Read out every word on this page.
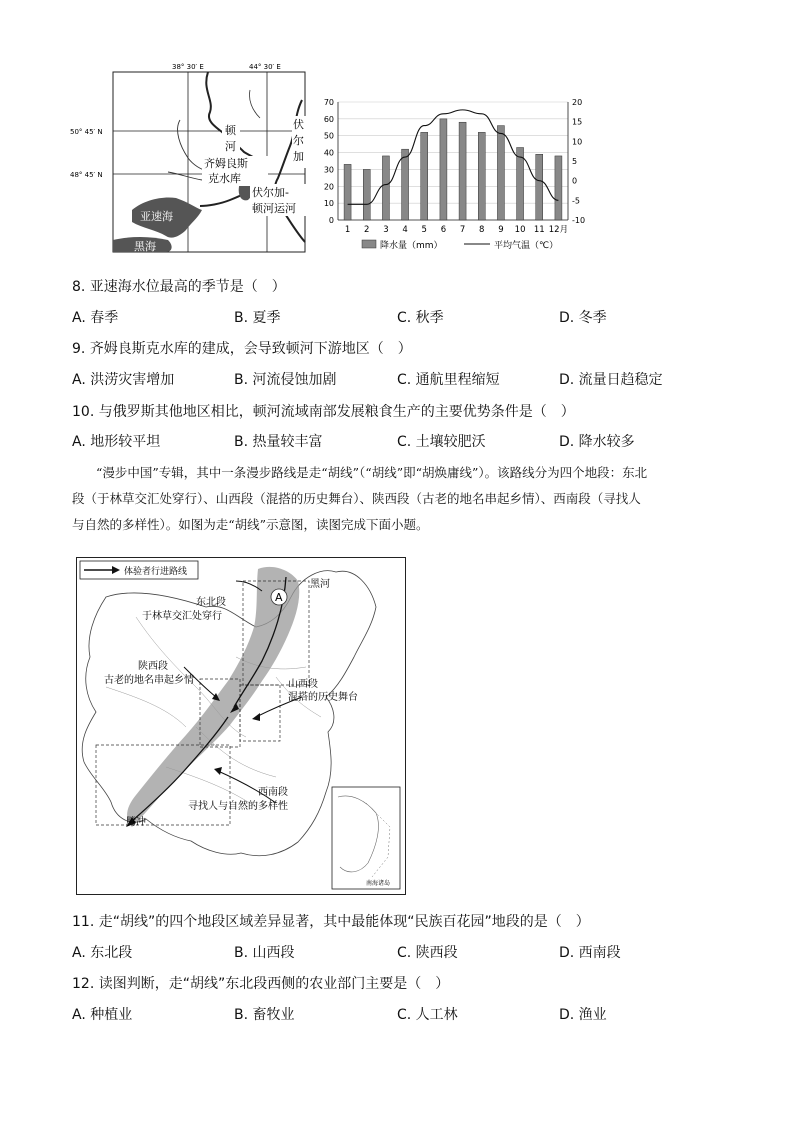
38° 30′ E	44° 30′ E
50° 45′ N
48° 45′ N
顿
河
齐姆良斯
克水库
伏
尔
加
伏尔加-
顿河运河
亚速海
黑海
0
10
20
30
40
50
60
70
-10
-5
0
5
10
15
20
1 2 3 4 5 6 7 8 9 10 11 12月
降水量（mm）	平均气温（℃）
8. 亚速海水位最高的季节是（　）
A. 春季	B. 夏季	C. 秋季	D. 冬季
9. 齐姆良斯克水库的建成，会导致顿河下游地区（　）
A. 洪涝灾害增加	B. 河流侵蚀加剧	C. 通航里程缩短	D. 流量日趋稳定
10. 与俄罗斯其他地区相比，顿河流域南部发展粮食生产的主要优势条件是（　）
A. 地形较平坦	B. 热量较丰富	C. 土壤较肥沃	D. 降水较多
“漫步中国”专辑，其中一条漫步路线是走“胡线”（“胡线”即“胡焕庸线”）。该路线分为四个地段：东北
段（于林草交汇处穿行）、山西段（混搭的历史舞台）、陕西段（古老的地名串起乡情）、西南段（寻找人
与自然的多样性）。如图为走“胡线”示意图，读图完成下面小题。
体验者行进路线
A
黑河
东北段
于林草交汇处穿行
陕西段
古老的地名串起乡情	山西段
混搭的历史舞台
西南段
寻找人与自然的多样性
腾冲
南海诸岛
11. 走“胡线”的四个地段区域差异显著，其中最能体现“民族百花园”地段的是（　）
A. 东北段	B. 山西段	C. 陕西段	D. 西南段
12. 读图判断，走“胡线”东北段西侧的农业部门主要是（　）
A. 种植业	B. 畜牧业	C. 人工林	D. 渔业
